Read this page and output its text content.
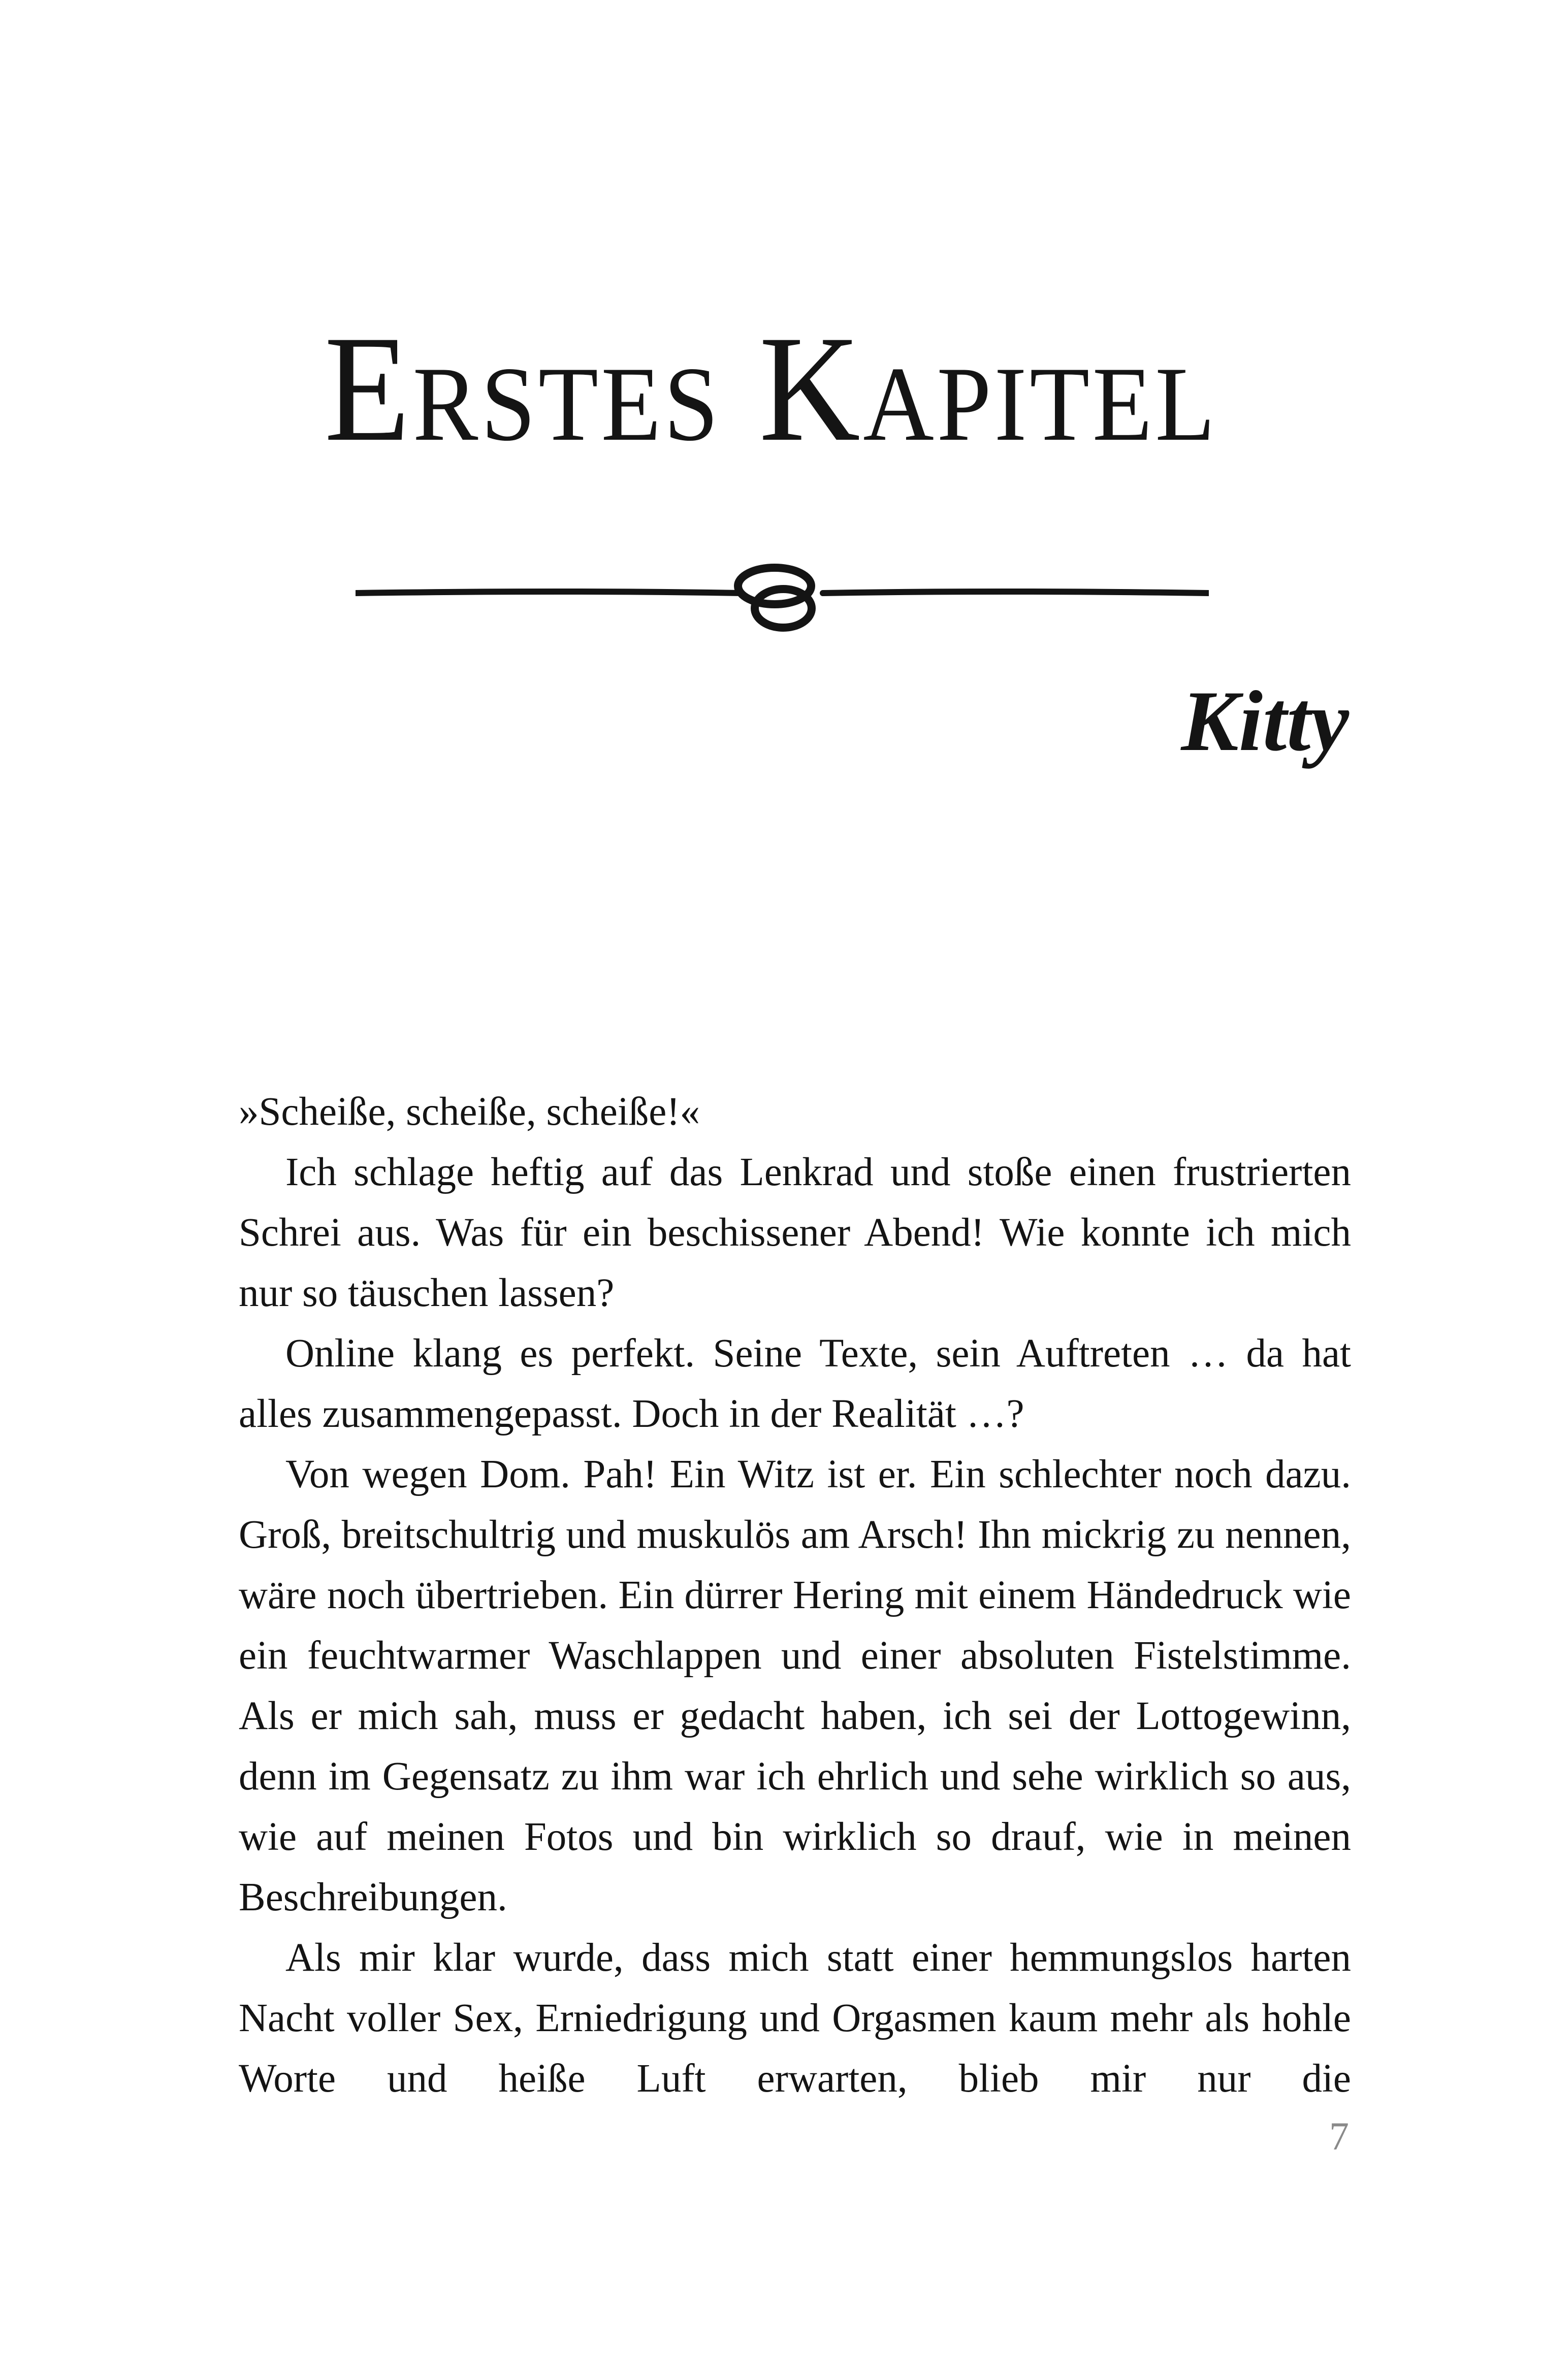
Erstes Kapitel
Kitty

»Scheiße, scheiße, scheiße!«

Ich schlage heftig auf das Lenkrad und stoße einen frustrierten Schrei aus. Was für ein beschissener Abend! Wie konnte ich mich nur so täuschen lassen?

Online klang es perfekt. Seine Texte, sein Auftreten … da hat alles zusammengepasst. Doch in der Realität …?

Von wegen Dom. Pah! Ein Witz ist er. Ein schlechter noch dazu. Groß, breitschultrig und muskulös am Arsch! Ihn mickrig zu nennen, wäre noch übertrieben. Ein dürrer Hering mit einem Händedruck wie ein feuchtwarmer Waschlappen und einer absoluten Fistelstimme. Als er mich sah, muss er gedacht haben, ich sei der Lottogewinn, denn im Gegensatz zu ihm war ich ehrlich und sehe wirklich so aus, wie auf meinen Fotos und bin wirklich so drauf, wie in meinen Beschreibungen.

Als mir klar wurde, dass mich statt einer hemmungslos harten Nacht voller Sex, Erniedrigung und Orgasmen kaum mehr als hohle Worte und heiße Luft erwarten, blieb mir nur die

7
